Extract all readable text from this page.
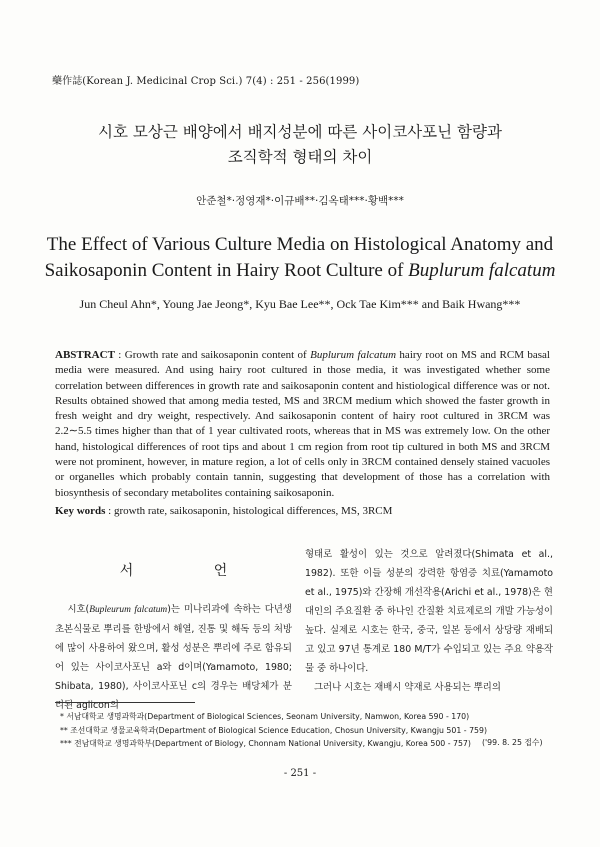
藥作誌(Korean J. Medicinal Crop Sci.) 7(4) : 251 - 256(1999)
시호 모상근 배양에서 배지성분에 따른 사이코사포닌 함량과
조직학적 형태의 차이
안준철*·정영재*·이규배**·김옥태***·황백***
The Effect of Various Culture Media on Histological Anatomy and
Saikosaponin Content in Hairy Root Culture of Buplurum falcatum
Jun Cheul Ahn*, Young Jae Jeong*, Kyu Bae Lee**, Ock Tae Kim*** and Baik Hwang***
ABSTRACT : Growth rate and saikosaponin content of Buplurum falcatum hairy root on MS and RCM basal media were measured. And using hairy root cultured in those media, it was investigated whether some correlation between differences in growth rate and saikosaponin content and histiological difference was or not. Results obtained showed that among media tested, MS and 3RCM medium which showed the faster growth in fresh weight and dry weight, respectively. And saikosaponin content of hairy root cultured in 3RCM was 2.2∼5.5 times higher than that of 1 year cultivated roots, whereas that in MS was extremely low. On the other hand, histological differences of root tips and about 1 cm region from root tip cultured in both MS and 3RCM were not prominent, however, in mature region, a lot of cells only in 3RCM contained densely stained vacuoles or organelles which probably contain tannin, suggesting that development of those has a correlation with biosynthesis of secondary metabolites containing saikosaponin.
Key words : growth rate, saikosaponin, histological differences, MS, 3RCM
서 언

시호(Bupleurum falcatum)는 미나리과에 속하는 다년생 초본식물로 뿌리를 한방에서 해열, 진통 및 해독 등의 처방에 많이 사용하여 왔으며, 활성 성분은 뿌리에 주로 함유되어 있는 사이코사포닌 a와 d이며(Yamamoto, 1980; Shibata, 1980), 사이코사포닌 c의 경우는 배당체가 분리된 aglicon의

형태로 활성이 있는 것으로 알려졌다(Shimata et al., 1982). 또한 이들 성분의 강력한 항염증 치료(Yamamoto et al., 1975)와 간장해 개선작용(Arichi et al., 1978)은 현대인의 주요질환 중 하나인 간질환 치료제로의 개발 가능성이 높다. 실제로 시호는 한국, 중국, 일본 등에서 상당량 재배되고 있고 97년 통계로 180 M/T가 수입되고 있는 주요 약용작물 중 하나이다.

그러나 시호는 재배시 약재로 사용되는 뿌리의

* 서남대학교 생명과학과(Department of Biological Sciences, Seonam University, Namwon, Korea 590 - 170)
** 조선대학교 생물교육학과(Department of Biological Science Education, Chosun University, Kwangju 501 - 759)
*** 전남대학교 생명과학부(Department of Biology, Chonnam National University, Kwangju, Korea 500 - 757)	('99. 8. 25 접수)
- 251 -
